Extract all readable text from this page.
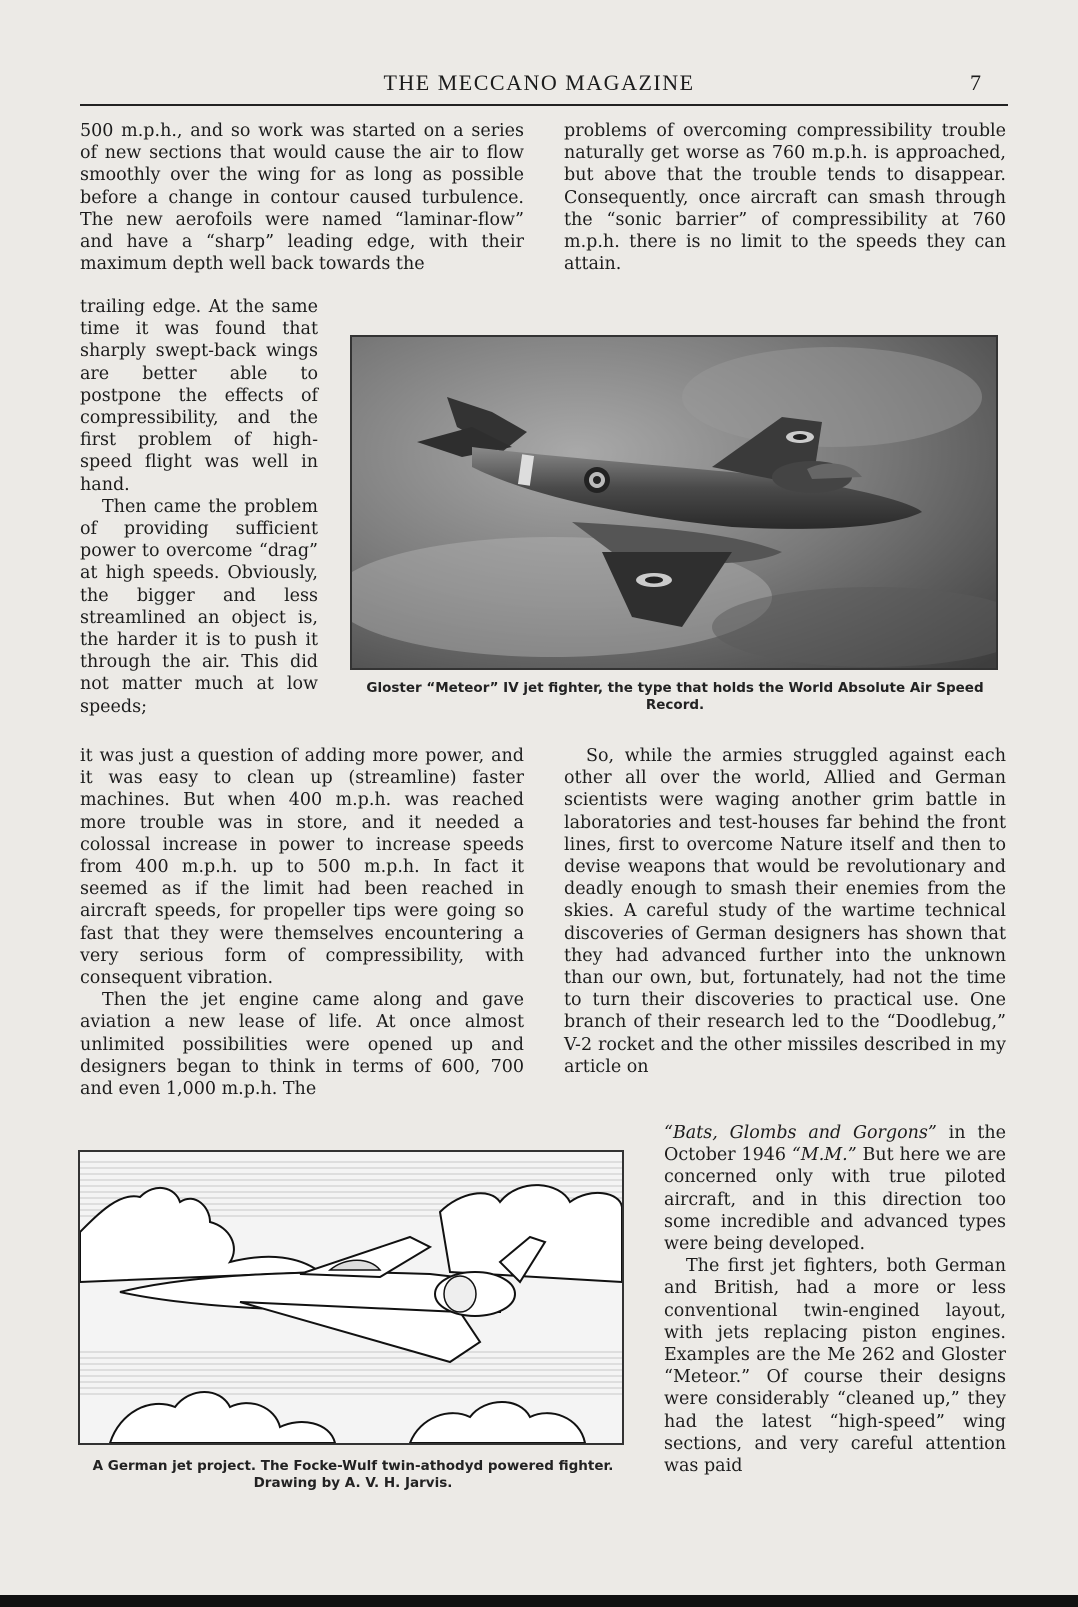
THE MECCANO MAGAZINE	7

500 m.p.h., and so work was started on a series of new sections that would cause the air to flow smoothly over the wing for as long as possible before a change in contour caused turbulence. The new aerofoils were named “laminar-flow” and have a “sharp” leading edge, with their maximum depth well back towards the

trailing edge. At the same time it was found that sharply swept-back wings are better able to postpone the effects of compressibility, and the first problem of high-speed flight was well in hand.

Then came the problem of providing sufficient power to overcome “drag” at high speeds. Obviously, the bigger and less streamlined an object is, the harder it is to push it through the air. This did not matter much at low speeds;

it was just a question of adding more power, and it was easy to clean up (streamline) faster machines. But when 400 m.p.h. was reached more trouble was in store, and it needed a colossal increase in power to increase speeds from 400 m.p.h. up to 500 m.p.h. In fact it seemed as if the limit had been reached in aircraft speeds, for propeller tips were going so fast that they were themselves encountering a very serious form of compressibility, with consequent vibration.

Then the jet engine came along and gave aviation a new lease of life. At once almost unlimited possibilities were opened up and designers began to think in terms of 600, 700 and even 1,000 m.p.h. The

problems of overcoming compressibility trouble naturally get worse as 760 m.p.h. is approached, but above that the trouble tends to disappear. Consequently, once aircraft can smash through the “sonic barrier” of compressibility at 760 m.p.h. there is no limit to the speeds they can attain.

Gloster “Meteor” IV jet fighter, the type that holds the World Absolute Air Speed Record.

So, while the armies struggled against each other all over the world, Allied and German scientists were waging another grim battle in laboratories and test-houses far behind the front lines, first to overcome Nature itself and then to devise weapons that would be revolutionary and deadly enough to smash their enemies from the skies. A careful study of the wartime technical discoveries of German designers has shown that they had advanced further into the unknown than our own, but, fortunately, had not the time to turn their discoveries to practical use. One branch of their research led to the “Doodlebug,” V-2 rocket and the other missiles described in my article on

“Bats, Glombs and Gorgons” in the October 1946 “M.M.” But here we are concerned only with true piloted aircraft, and in this direction too some incredible and advanced types were being developed.

The first jet fighters, both German and British, had a more or less conventional twin-engined layout, with jets replacing piston engines. Examples are the Me 262 and Gloster “Meteor.” Of course their designs were considerably “cleaned up,” they had the latest “high-speed” wing sections, and very careful attention was paid

A German jet project. The Focke-Wulf twin-athodyd powered fighter. Drawing by A. V. H. Jarvis.
